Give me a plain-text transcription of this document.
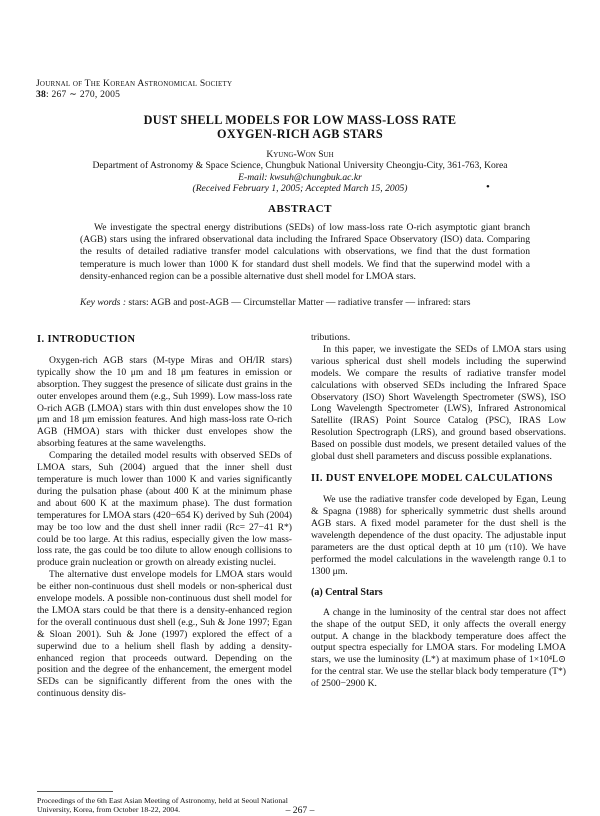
Journal of The Korean Astronomical Society
38: 267 ∼ 270, 2005
DUST SHELL MODELS FOR LOW MASS-LOSS RATE
OXYGEN-RICH AGB STARS
Kyung-Won Suh
Department of Astronomy & Space Science, Chungbuk National University Cheongju-City, 361-763, Korea
E-mail: kwsuh@chungbuk.ac.kr
(Received February 1, 2005; Accepted March 15, 2005)	•
ABSTRACT
We investigate the spectral energy distributions (SEDs) of low mass-loss rate O-rich asymptotic giant branch (AGB) stars using the infrared observational data including the Infrared Space Observatory (ISO) data. Comparing the results of detailed radiative transfer model calculations with observations, we find that the dust formation temperature is much lower than 1000 K for standard dust shell models. We find that the superwind model with a density-enhanced region can be a possible alternative dust shell model for LMOA stars.
Key words : stars: AGB and post-AGB — Circumstellar Matter — radiative transfer — infrared: stars
I. INTRODUCTION

Oxygen-rich AGB stars (M-type Miras and OH/IR stars) typically show the 10 μm and 18 μm features in emission or absorption. They suggest the presence of silicate dust grains in the outer envelopes around them (e.g., Suh 1999). Low mass-loss rate O-rich AGB (LMOA) stars with thin dust envelopes show the 10 μm and 18 μm emission features. And high mass-loss rate O-rich AGB (HMOA) stars with thicker dust envelopes show the absorbing features at the same wavelengths.

Comparing the detailed model results with observed SEDs of LMOA stars, Suh (2004) argued that the inner shell dust temperature is much lower than 1000 K and varies significantly during the pulsation phase (about 400 K at the minimum phase and about 600 K at the maximum phase). The dust formation temperatures for LMOA stars (420−654 K) derived by Suh (2004) may be too low and the dust shell inner radii (Rc= 27−41 R*) could be too large. At this radius, especially given the low mass-loss rate, the gas could be too dilute to allow enough collisions to produce grain nucleation or growth on already existing nuclei.

The alternative dust envelope models for LMOA stars would be either non-continuous dust shell models or non-spherical dust envelope models. A possible non-continuous dust shell model for the LMOA stars could be that there is a density-enhanced region for the overall continuous dust shell (e.g., Suh & Jone 1997; Egan & Sloan 2001). Suh & Jone (1997) explored the effect of a superwind due to a helium shell flash by adding a density-enhanced region that proceeds outward. Depending on the position and the degree of the enhancement, the emergent model SEDs can be significantly different from the ones with the continuous density dis-

tributions.

In this paper, we investigate the SEDs of LMOA stars using various spherical dust shell models including the superwind models. We compare the results of radiative transfer model calculations with observed SEDs including the Infrared Space Observatory (ISO) Short Wavelength Spectrometer (SWS), ISO Long Wavelength Spectrometer (LWS), Infrared Astronomical Satellite (IRAS) Point Source Catalog (PSC), IRAS Low Resolution Spectrograph (LRS), and ground based observations. Based on possible dust models, we present detailed values of the global dust shell parameters and discuss possible explanations.

II. DUST ENVELOPE MODEL CALCULATIONS

We use the radiative transfer code developed by Egan, Leung & Spagna (1988) for spherically symmetric dust shells around AGB stars. A fixed model parameter for the dust shell is the wavelength dependence of the dust opacity. The adjustable input parameters are the dust optical depth at 10 μm (τ10). We have performed the model calculations in the wavelength range 0.1 to 1300 μm.

(a) Central Stars

A change in the luminosity of the central star does not affect the shape of the output SED, it only affects the overall energy output. A change in the blackbody temperature does affect the output spectra especially for LMOA stars. For modeling LMOA stars, we use the luminosity (L*) at maximum phase of 1×10⁴L⊙ for the central star. We use the stellar black body temperature (T*) of 2500−2900 K.

Proceedings of the 6th East Asian Meeting of Astronomy, held at Seoul National University, Korea, from October 18-22, 2004.	– 267 –
